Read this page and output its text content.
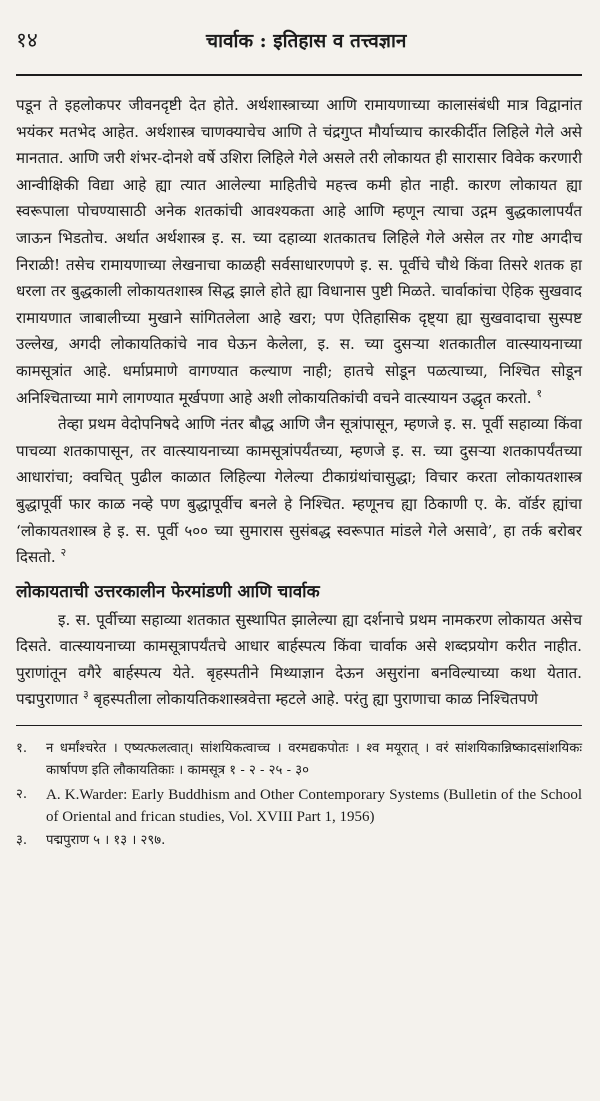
१४	चार्वाक : इतिहास व तत्त्वज्ञान

पडून ते इहलोकपर जीवनदृष्टी देत होते. अर्थशास्त्राच्या आणि रामायणाच्या कालासंबंधी मात्र विद्वानांत भयंकर मतभेद आहेत. अर्थशास्त्र चाणक्याचेच आणि ते चंद्रगुप्त मौर्याच्याच कारकीर्दीत लिहिले गेले असे मानतात. आणि जरी शंभर-दोनशे वर्षे उशिरा लिहिले गेले असले तरी लोकायत ही सारासार विवेक करणारी आन्वीक्षिकी विद्या आहे ह्या त्यात आलेल्या माहितीचे महत्त्व कमी होत नाही. कारण लोकायत ह्या स्वरूपाला पोचण्यासाठी अनेक शतकांची आवश्यकता आहे आणि म्हणून त्याचा उद्गम बुद्धकालापर्यंत जाऊन भिडतोच. अर्थात अर्थशास्त्र इ. स. च्या दहाव्या शतकातच लिहिले गेले असेल तर गोष्ट अगदीच निराळी! तसेच रामायणाच्या लेखनाचा काळही सर्वसाधारणपणे इ. स. पूर्वीचे चौथे किंवा तिसरे शतक हा धरला तर बुद्धकाली लोकायतशास्त्र सिद्ध झाले होते ह्या विधानास पुष्टी मिळते. चार्वाकांचा ऐहिक सुखवाद रामायणात जाबालीच्या मुखाने सांगितलेला आहे खरा; पण ऐतिहासिक दृष्ट्या ह्या सुखवादाचा सुस्पष्ट उल्लेख, अगदी लोकायतिकांचे नाव घेऊन केलेला, इ. स. च्या दुसऱ्या शतकातील वात्स्यायनाच्या कामसूत्रांत आहे. धर्माप्रमाणे वागण्यात कल्याण नाही; हातचे सोडून पळत्याच्या, निश्चित सोडून अनिश्चिताच्या मागे लागण्यात मूर्खपणा आहे अशी लोकायतिकांची वचने वात्स्यायन उद्धृत करतो. $^१$

तेव्हा प्रथम वेदोपनिषदे आणि नंतर बौद्ध आणि जैन सूत्रांपासून, म्हणजे इ. स. पूर्वी सहाव्या किंवा पाचव्या शतकापासून, तर वात्स्यायनाच्या कामसूत्रांपर्यंतच्या, म्हणजे इ. स. च्या दुसऱ्या शतकापर्यंतच्या आधारांचा; क्वचित् पुढील काळात लिहिल्या गेलेल्या टीकाग्रंथांचासुद्धा; विचार करता लोकायतशास्त्र बुद्धापूर्वी फार काळ नव्हे पण बुद्धापूर्वीच बनले हे निश्चित. म्हणूनच ह्या ठिकाणी ए. के. वॉर्डर ह्यांचा ‘लोकायतशास्त्र हे इ. स. पूर्वी ५०० च्या सुमारास सुसंबद्ध स्वरूपात मांडले गेले असावे’, हा तर्क बरोबर दिसतो. $^२$

लोकायताची उत्तरकालीन फेरमांडणी आणि चार्वाक

इ. स. पूर्वीच्या सहाव्या शतकात सुस्थापित झालेल्या ह्या दर्शनाचे प्रथम नामकरण लोकायत असेच दिसते. वात्स्यायनाच्या कामसूत्रापर्यंतचे आधार बार्हस्पत्य किंवा चार्वाक असे शब्दप्रयोग करीत नाहीत. पुराणांतून वगैरे बार्हस्पत्य येते. बृहस्पतीने मिथ्याज्ञान देऊन असुरांना बनविल्याच्या कथा येतात. पद्मपुराणात $^३$ बृहस्पतीला लोकायतिकशास्त्रवेत्ता म्हटले आहे. परंतु ह्या पुराणाचा काळ निश्चितपणे

१.	न धर्मांश्चरेत । एष्यत्फलत्वात्। सांशयिकत्वाच्च । वरमद्यकपोतः । श्व मयूरात् । वरं सांशयिकान्निष्कादसांशयिकः कार्षापण इति लौकायतिकाः । कामसूत्र १ - २ - २५ - ३०
२.	A. K.Warder: Early Buddhism and Other Contemporary Systems (Bulletin of the School of Oriental and frican studies, Vol. XVIII Part 1, 1956)
३.	पद्मपुराण ५ । १३ । २९७.
